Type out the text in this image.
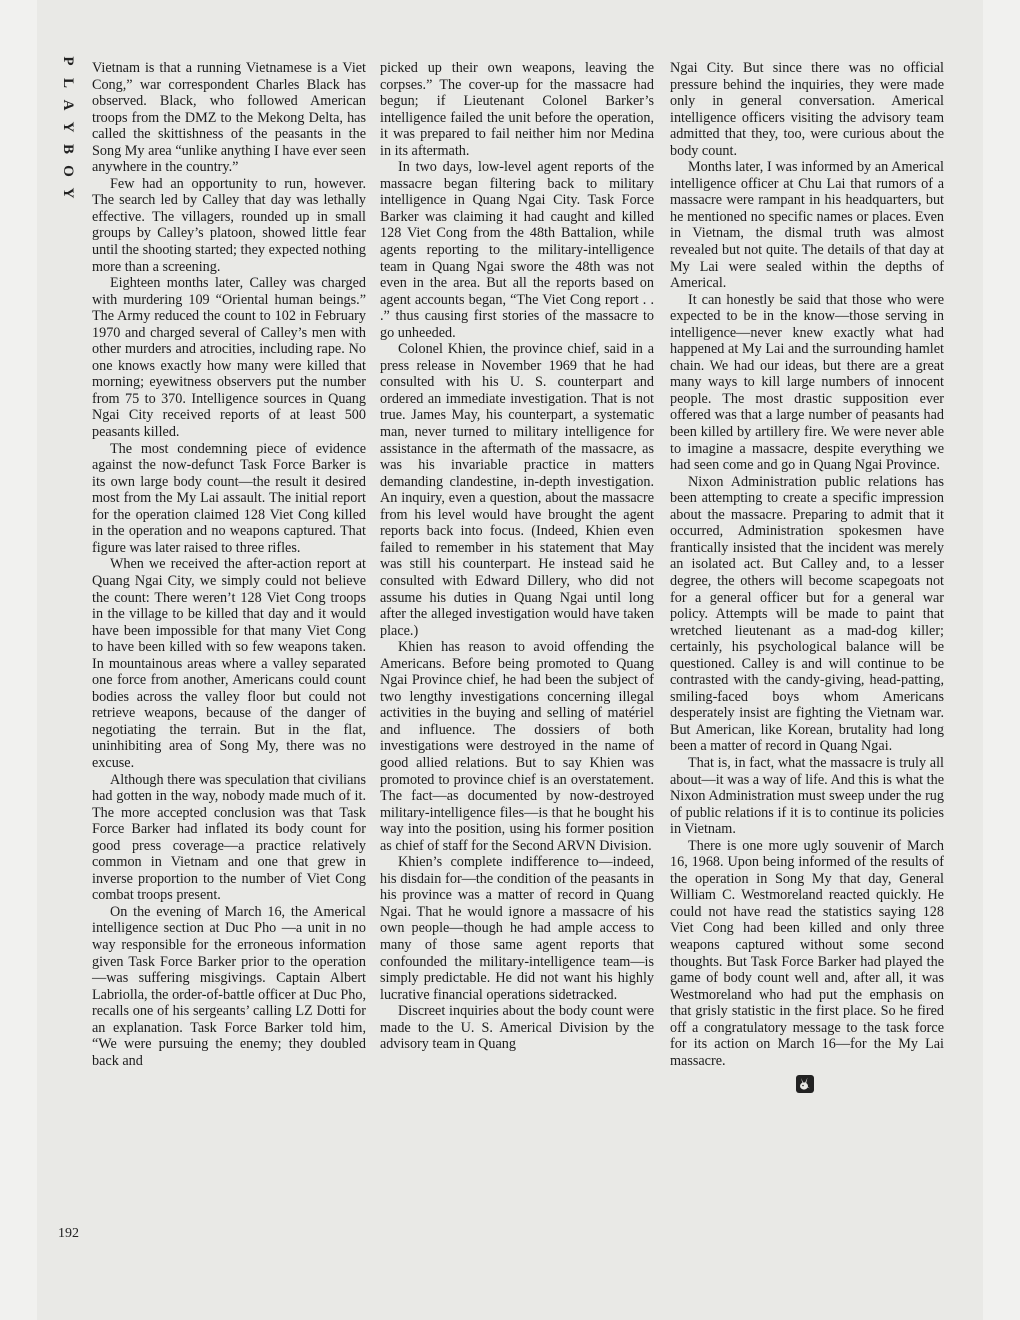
P
L
A
Y
B
O
Y

Vietnam is that a running Vietnamese is a Viet Cong,” war correspondent Charles Black has observed. Black, who followed American troops from the DMZ to the Mekong Delta, has called the skittishness of the peasants in the Song My area “unlike anything I have ever seen anywhere in the country.”

Few had an opportunity to run, however. The search led by Calley that day was lethally effective. The villagers, rounded up in small groups by Calley’s platoon, showed little fear until the shooting started; they expected nothing more than a screening.

Eighteen months later, Calley was charged with murdering 109 “Oriental human beings.” The Army reduced the count to 102 in February 1970 and charged several of Calley’s men with other murders and atrocities, including rape. No one knows exactly how many were killed that morning; eyewitness observers put the number from 75 to 370. Intelligence sources in Quang Ngai City received reports of at least 500 peasants killed.

The most condemning piece of evidence against the now-defunct Task Force Barker is its own large body count—the result it desired most from the My Lai assault. The initial report for the operation claimed 128 Viet Cong killed in the operation and no weapons captured. That figure was later raised to three rifles.

When we received the after-action report at Quang Ngai City, we simply could not believe the count: There weren’t 128 Viet Cong troops in the village to be killed that day and it would have been impossible for that many Viet Cong to have been killed with so few weapons taken. In mountainous areas where a valley separated one force from another, Americans could count bodies across the valley floor but could not retrieve weapons, because of the danger of negotiating the terrain. But in the flat, uninhibiting area of Song My, there was no excuse.

Although there was speculation that civilians had gotten in the way, nobody made much of it. The more accepted conclusion was that Task Force Barker had inflated its body count for good press coverage—a practice relatively common in Vietnam and one that grew in inverse proportion to the number of Viet Cong combat troops present.

On the evening of March 16, the Americal intelligence section at Duc Pho —a unit in no way responsible for the erroneous information given Task Force Barker prior to the operation—was suffering misgivings. Captain Albert Labriolla, the order-of-battle officer at Duc Pho, recalls one of his sergeants’ calling LZ Dotti for an explanation. Task Force Barker told him, “We were pursuing the enemy; they doubled back and

picked up their own weapons, leaving the corpses.” The cover-up for the massacre had begun; if Lieutenant Colonel Barker’s intelligence failed the unit before the operation, it was prepared to fail neither him nor Medina in its aftermath.

In two days, low-level agent reports of the massacre began filtering back to military intelligence in Quang Ngai City. Task Force Barker was claiming it had caught and killed 128 Viet Cong from the 48th Battalion, while agents reporting to the military-intelligence team in Quang Ngai swore the 48th was not even in the area. But all the reports based on agent accounts began, “The Viet Cong report . . .” thus causing first stories of the massacre to go unheeded.

Colonel Khien, the province chief, said in a press release in November 1969 that he had consulted with his U. S. counterpart and ordered an immediate investigation. That is not true. James May, his counterpart, a systematic man, never turned to military intelligence for assistance in the aftermath of the massacre, as was his invariable practice in matters demanding clandestine, in-depth investigation. An inquiry, even a question, about the massacre from his level would have brought the agent reports back into focus. (Indeed, Khien even failed to remember in his statement that May was still his counterpart. He instead said he consulted with Edward Dillery, who did not assume his duties in Quang Ngai until long after the alleged investigation would have taken place.)

Khien has reason to avoid offending the Americans. Before being promoted to Quang Ngai Province chief, he had been the subject of two lengthy investigations concerning illegal activities in the buying and selling of matériel and influence. The dossiers of both investigations were destroyed in the name of good allied relations. But to say Khien was promoted to province chief is an overstatement. The fact—as documented by now-destroyed military-intelligence files—is that he bought his way into the position, using his former position as chief of staff for the Second ARVN Division.

Khien’s complete indifference to—indeed, his disdain for—the condition of the peasants in his province was a matter of record in Quang Ngai. That he would ignore a massacre of his own people—though he had ample access to many of those same agent reports that confounded the military-intelligence team—is simply predictable. He did not want his highly lucrative financial operations sidetracked.

Discreet inquiries about the body count were made to the U. S. Americal Division by the advisory team in Quang

Ngai City. But since there was no official pressure behind the inquiries, they were made only in general conversation. Americal intelligence officers visiting the advisory team admitted that they, too, were curious about the body count.

Months later, I was informed by an Americal intelligence officer at Chu Lai that rumors of a massacre were rampant in his headquarters, but he mentioned no specific names or places. Even in Vietnam, the dismal truth was almost revealed but not quite. The details of that day at My Lai were sealed within the depths of Americal.

It can honestly be said that those who were expected to be in the know—those serving in intelligence—never knew exactly what had happened at My Lai and the surrounding hamlet chain. We had our ideas, but there are a great many ways to kill large numbers of innocent people. The most drastic supposition ever offered was that a large number of peasants had been killed by artillery fire. We were never able to imagine a massacre, despite everything we had seen come and go in Quang Ngai Province.

Nixon Administration public relations has been attempting to create a specific impression about the massacre. Preparing to admit that it occurred, Administration spokesmen have frantically insisted that the incident was merely an isolated act. But Calley and, to a lesser degree, the others will become scapegoats not for a general officer but for a general war policy. Attempts will be made to paint that wretched lieutenant as a mad-dog killer; certainly, his psychological balance will be questioned. Calley is and will continue to be contrasted with the candy-giving, head-patting, smiling-faced boys whom Americans desperately insist are fighting the Vietnam war. But American, like Korean, brutality had long been a matter of record in Quang Ngai.

That is, in fact, what the massacre is truly all about—it was a way of life. And this is what the Nixon Administration must sweep under the rug of public relations if it is to continue its policies in Vietnam.

There is one more ugly souvenir of March 16, 1968. Upon being informed of the results of the operation in Song My that day, General William C. Westmoreland reacted quickly. He could not have read the statistics saying 128 Viet Cong had been killed and only three weapons captured without some second thoughts. But Task Force Barker had played the game of body count well and, after all, it was Westmoreland who had put the emphasis on that grisly statistic in the first place. So he fired off a congratulatory message to the task force for its action on March 16—for the My Lai massacre.

192
